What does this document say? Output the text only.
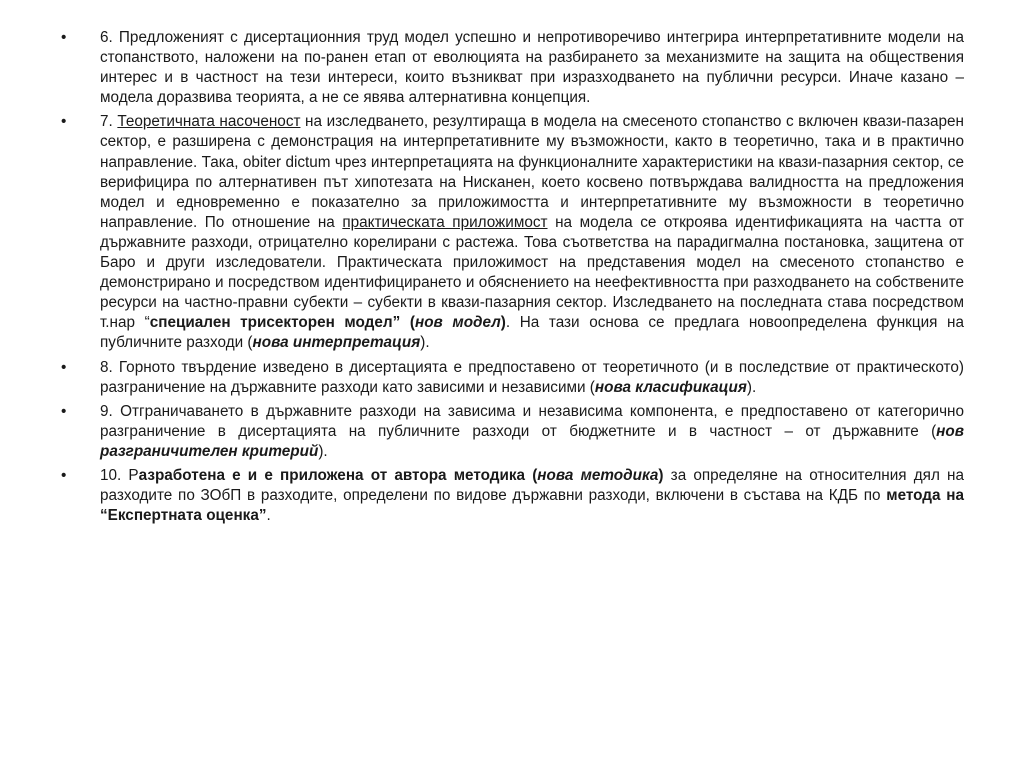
•	6. Предложеният с дисертационния труд модел успешно и непротиворечиво интегрира интерпретативните модели на стопанството, наложени на по-ранен етап от еволюцията на разбирането за механизмите на защита на обществения интерес и в частност на тези интереси, които възникват при изразходването на публични ресурси. Иначе казано – модела доразвива теорията, а не се явява алтернативна концепция.
•	7. Теоретичната насоченост на изследването, резултираща в модела на смесеното стопанство с включен квази-пазарен сектор, е разширена с демонстрация на интерпретативните му възможности, както в теоретично, така и в практично направление. Така, obiter dictum чрез интерпретацията на функционалните характеристики на квази-пазарния сектор, се верифицира по алтернативен път хипотезата на Нисканен, което косвено потвърждава валидността на предложения модел и едновременно е показателно за приложимостта и интерпретативните му възможности в теоретично направление. По отношение на практическата приложимост на модела се откроява идентификацията на частта от държавните разходи, отрицателно корелирани с растежа. Това съответства на парадигмална постановка, защитена от Баро и други изследователи. Практическата приложимост на представения модел на смесеното стопанство е демонстрирано и посредством идентифицирането и обяснението на неефективността при разходването на собствените ресурси на частно-правни субекти – субекти в квази-пазарния сектор. Изследването на последната става посредством т.нар “специален трисекторен модел” (нов модел). На тази основа се предлага новоопределена функция на публичните разходи (нова интерпретация).
•	8. Горното твърдение изведено в дисертацията е предпоставено от теоретичното (и в последствие от практическото) разграничение на държавните разходи като зависими и независими (нова класификация).
•	9. Отграничаването в държавните разходи на зависима и независима компонента, е предпоставено от категорично разграничение в дисертацията на публичните разходи от бюджетните и в частност – от държавните (нов разграничителен критерий).
•	10. Разработена е и е приложена от автора методика (нова методика) за определяне на относителния дял на разходите по ЗОбП в разходите, определени по видове държавни разходи, включени в състава на КДБ по метода на “Експертната оценка”.
